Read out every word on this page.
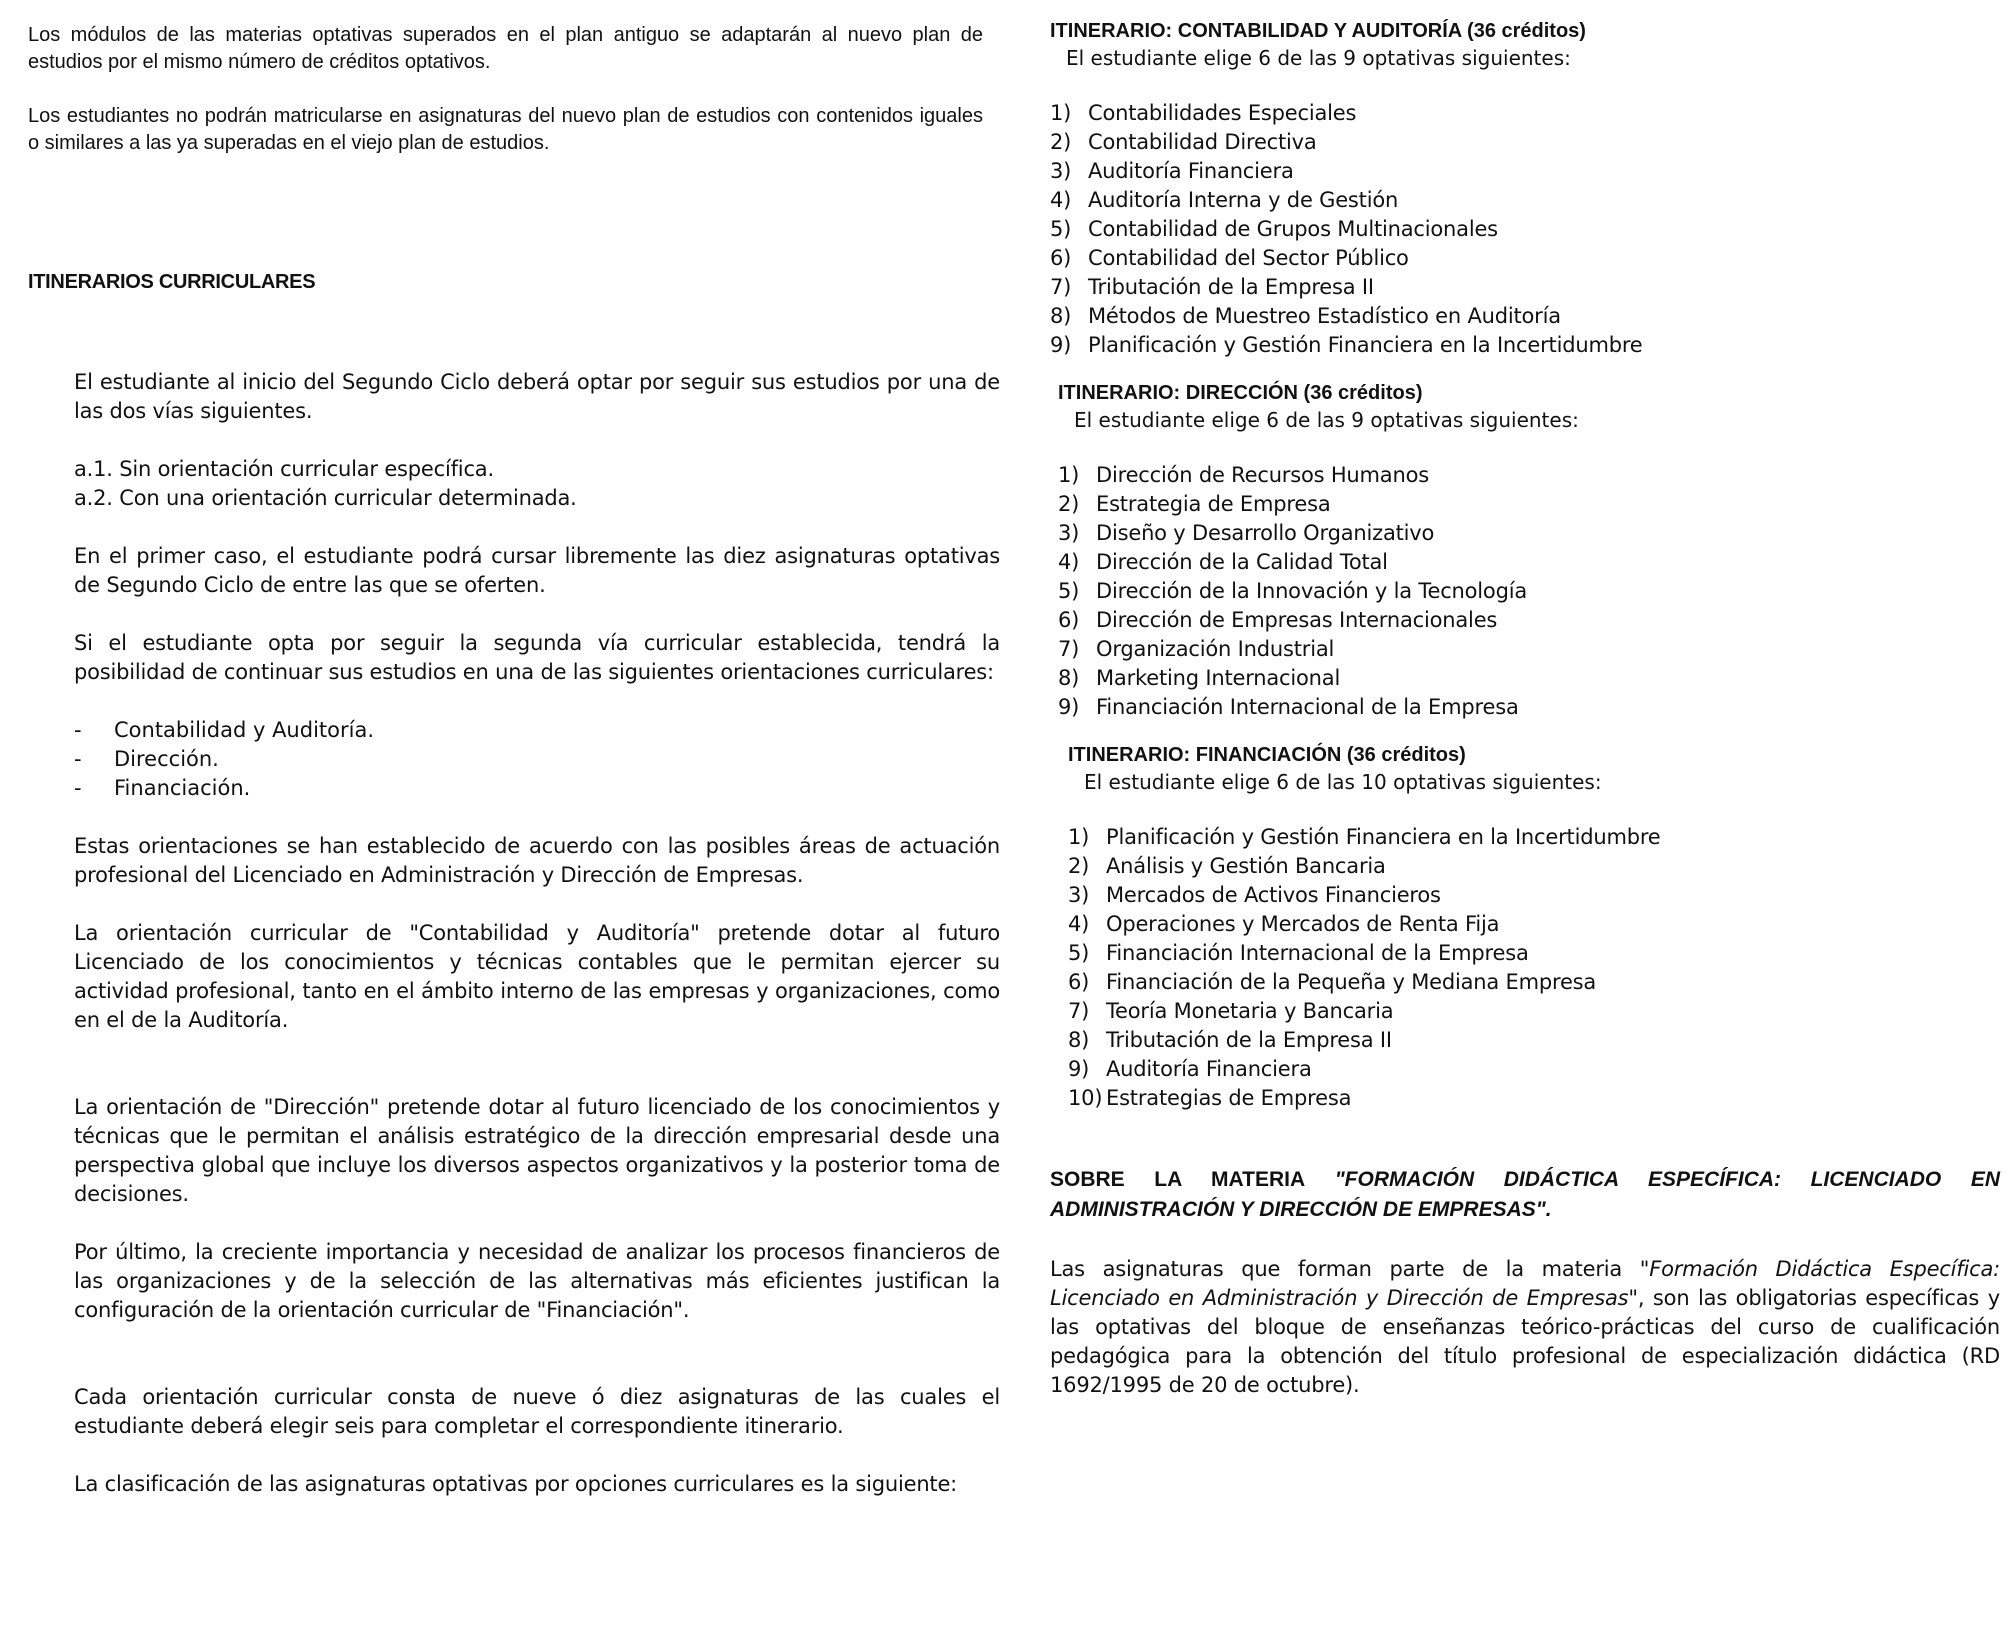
Los módulos de las materias optativas superados en el plan antiguo se adaptarán al nuevo plan de estudios por el mismo número de créditos optativos.

Los estudiantes no podrán matricularse en asignaturas del nuevo plan de estudios con contenidos iguales o similares a las ya superadas en el viejo plan de estudios.

ITINERARIOS CURRICULARES

El estudiante al inicio del Segundo Ciclo deberá optar por seguir sus estudios por una de las dos vías siguientes.

a.1. Sin orientación curricular específica.

a.2. Con una orientación curricular determinada.

En el primer caso, el estudiante podrá cursar libremente las diez asignaturas optativas de Segundo Ciclo de entre las que se oferten.

Si el estudiante opta por seguir la segunda vía curricular establecida, tendrá la posibilidad de continuar sus estudios en una de las siguientes orientaciones curriculares:

-	Contabilidad y Auditoría.
-	Dirección.
-	Financiación.

Estas orientaciones se han establecido de acuerdo con las posibles áreas de actuación profesional del Licenciado en Administración y Dirección de Empresas.

La orientación curricular de "Contabilidad y Auditoría" pretende dotar al futuro Licenciado de los conocimientos y técnicas contables que le permitan ejercer su actividad profesional, tanto en el ámbito interno de las empresas y organizaciones, como en el de la Auditoría.

La orientación de "Dirección" pretende dotar al futuro licenciado de los conocimientos y técnicas que le permitan el análisis estratégico de la dirección empresarial desde una perspectiva global que incluye los diversos aspectos organizativos y la posterior toma de decisiones.

Por último, la creciente importancia y necesidad de analizar los procesos financieros de las organizaciones y de la selección de las alternativas más eficientes justifican la configuración de la orientación curricular de "Financiación".

Cada orientación curricular consta de nueve ó diez asignaturas de las cuales el estudiante deberá elegir seis para completar el correspondiente itinerario.

La clasificación de las asignaturas optativas por opciones curriculares es la siguiente:

ITINERARIO: CONTABILIDAD Y AUDITORÍA (36 créditos)

El estudiante elige 6 de las 9 optativas siguientes:

1) Contabilidades Especiales
2) Contabilidad Directiva
3) Auditoría Financiera
4) Auditoría Interna y de Gestión
5) Contabilidad de Grupos Multinacionales
6) Contabilidad del Sector Público
7) Tributación de la Empresa II
8) Métodos de Muestreo Estadístico en Auditoría
9) Planificación y Gestión Financiera en la Incertidumbre

ITINERARIO: DIRECCIÓN (36 créditos)

El estudiante elige 6 de las 9 optativas siguientes:

1) Dirección de Recursos Humanos
2) Estrategia de Empresa
3) Diseño y Desarrollo Organizativo
4) Dirección de la Calidad Total
5) Dirección de la Innovación y la Tecnología
6) Dirección de Empresas Internacionales
7) Organización Industrial
8) Marketing Internacional
9) Financiación Internacional de la Empresa

ITINERARIO: FINANCIACIÓN (36 créditos)

El estudiante elige 6 de las 10 optativas siguientes:

1) Planificación y Gestión Financiera en la Incertidumbre
2) Análisis y Gestión Bancaria
3) Mercados de Activos Financieros
4) Operaciones y Mercados de Renta Fija
5) Financiación Internacional de la Empresa
6) Financiación de la Pequeña y Mediana Empresa
7) Teoría Monetaria y Bancaria
8) Tributación de la Empresa II
9) Auditoría Financiera
10) Estrategias de Empresa

SOBRE LA MATERIA "FORMACIÓN DIDÁCTICA ESPECÍFICA: LICENCIADO EN ADMINISTRACIÓN Y DIRECCIÓN DE EMPRESAS".

Las asignaturas que forman parte de la materia "Formación Didáctica Específica: Licenciado en Administración y Dirección de Empresas", son las obligatorias específicas y las optativas del bloque de enseñanzas teórico-prácticas del curso de cualificación pedagógica para la obtención del título profesional de especialización didáctica (RD 1692/1995 de 20 de octubre).
